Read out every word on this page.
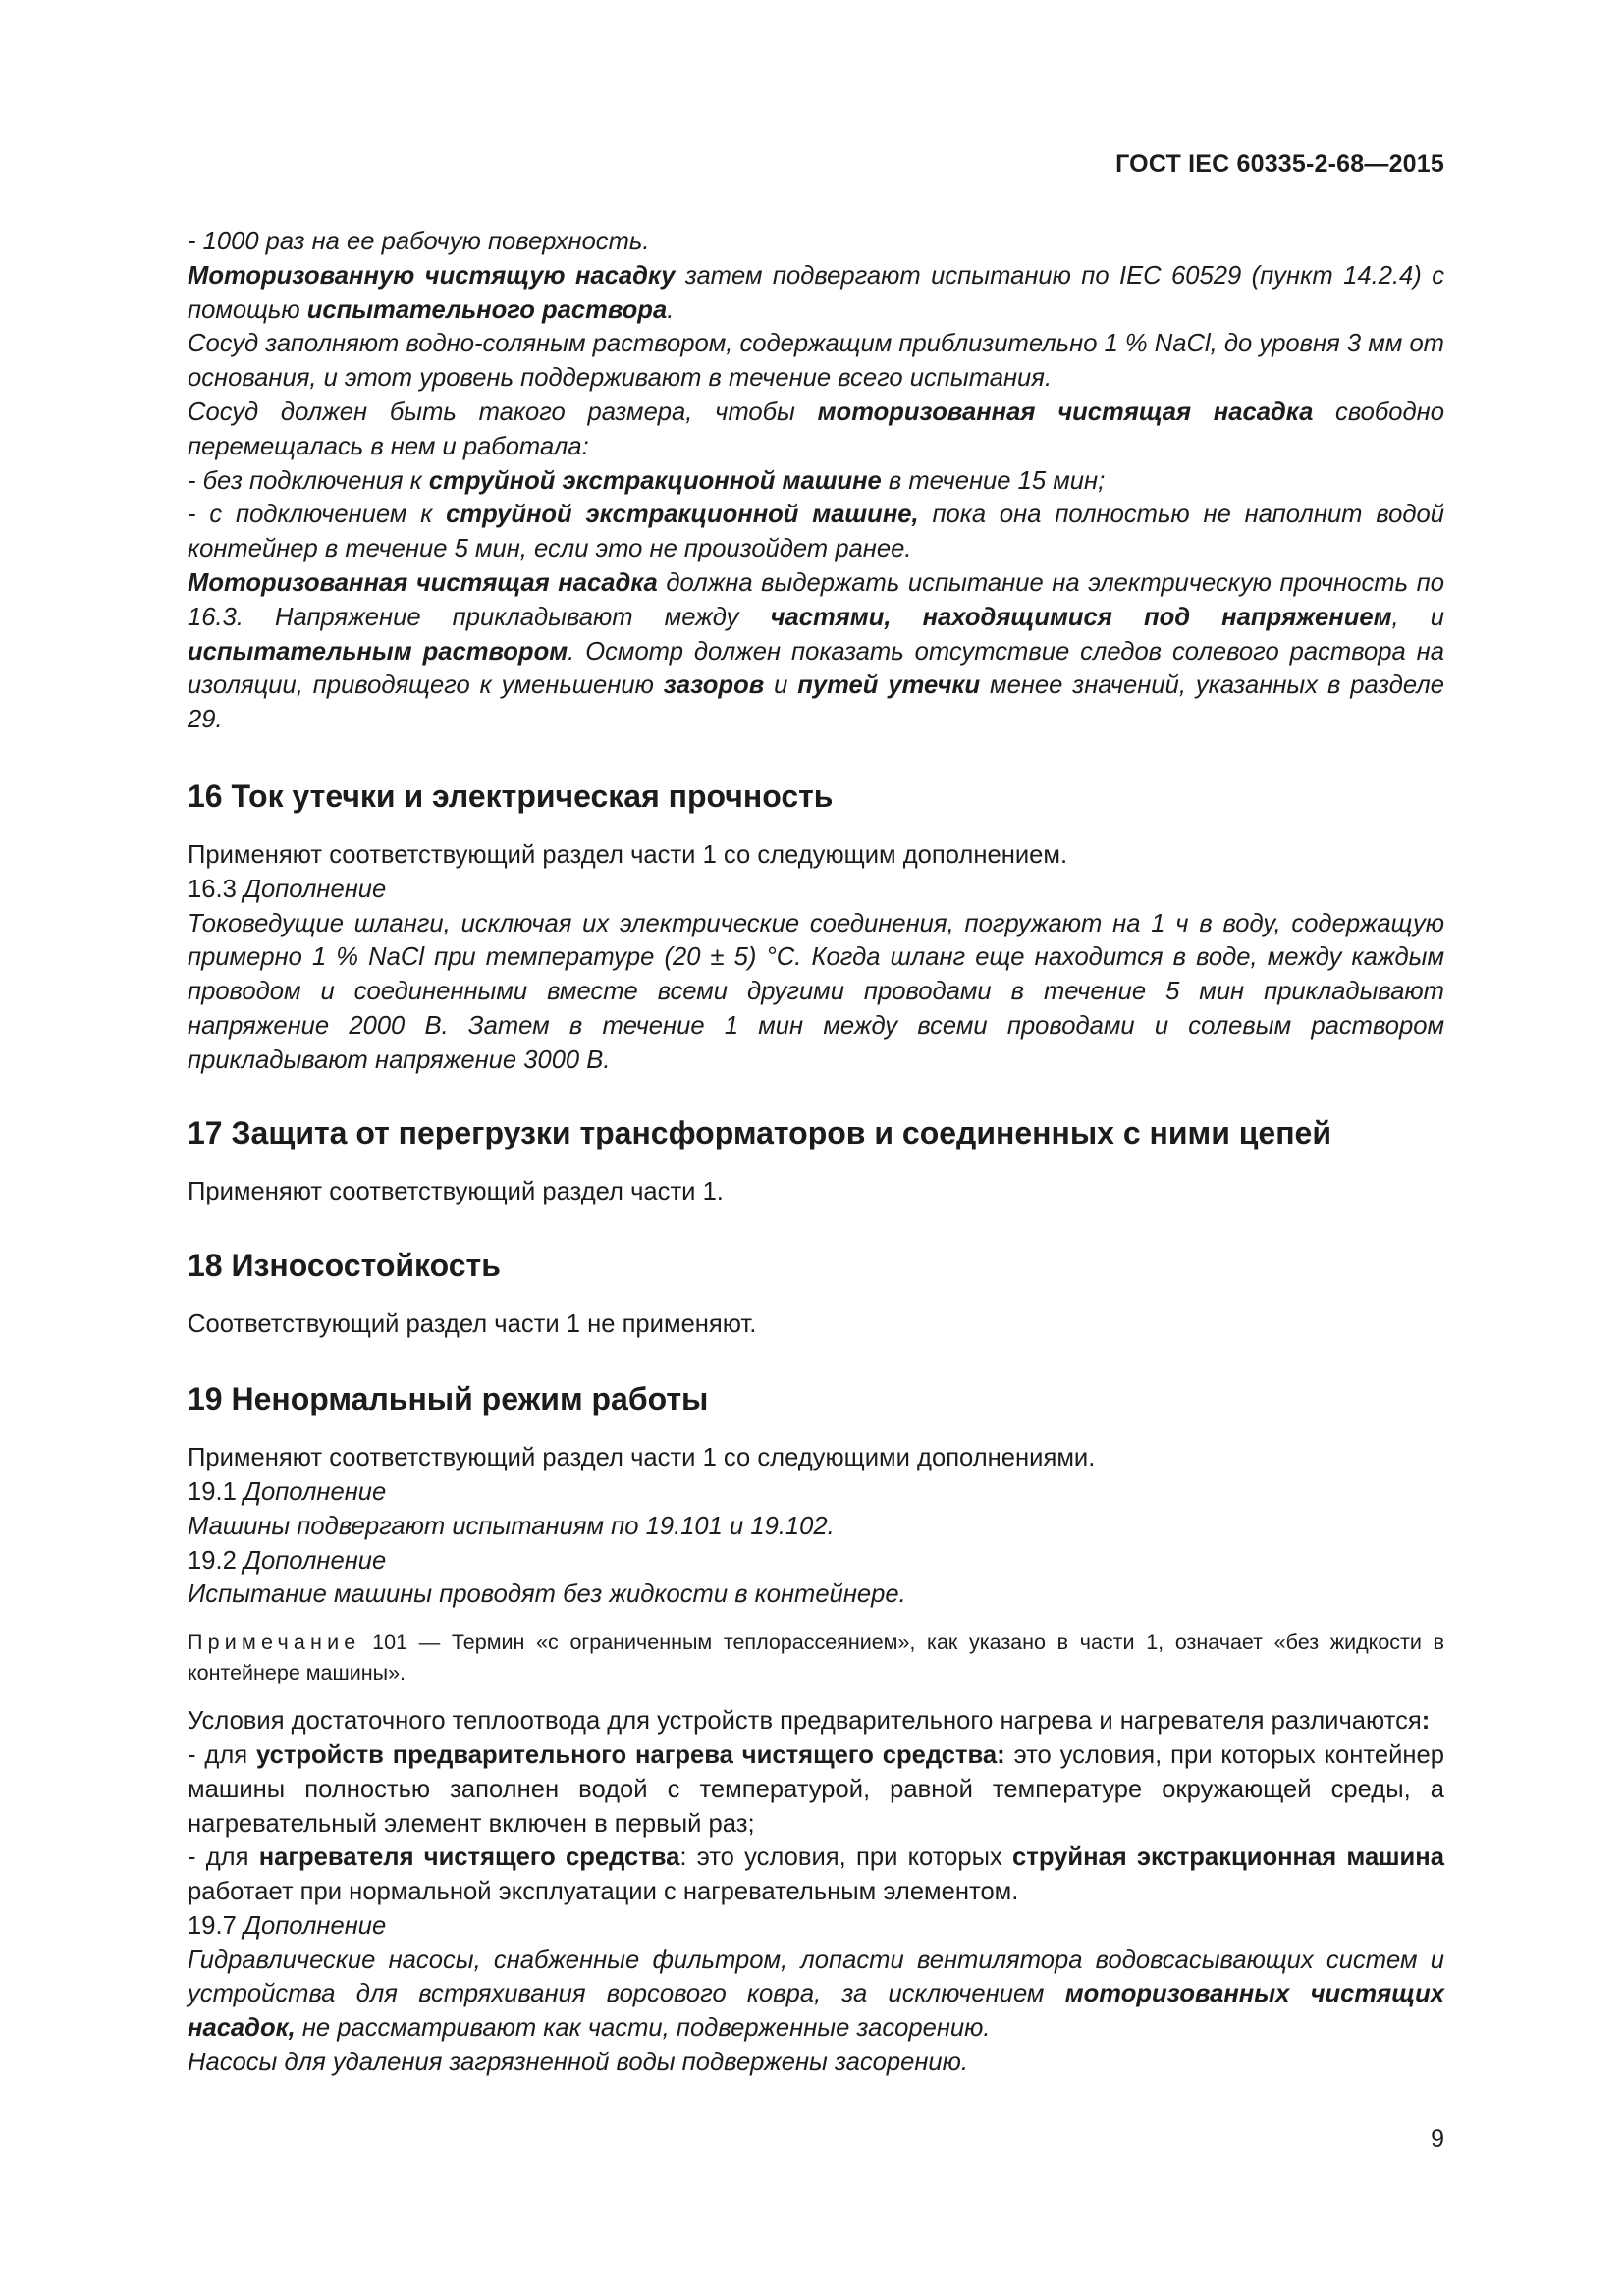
ГОСТ IEC 60335-2-68—2015

- 1000 раз на ее рабочую поверхность.

Моторизованную чистящую насадку затем подвергают испытанию по IEC 60529 (пункт 14.2.4) с помощью испытательного раствора.

Сосуд заполняют водно-соляным раствором, содержащим приблизительно 1 % NaCl, до уровня 3 мм от основания, и этот уровень поддерживают в течение всего испытания.

Сосуд должен быть такого размера, чтобы моторизованная чистящая насадка свободно перемещалась в нем и работала:

- без подключения к струйной экстракционной машине в течение 15 мин;

- с подключением к струйной экстракционной машине, пока она полностью не наполнит водой контейнер в течение 5 мин, если это не произойдет ранее.

Моторизованная чистящая насадка должна выдержать испытание на электрическую прочность по 16.3. Напряжение прикладывают между частями, находящимися под напряжением, и испытательным раствором. Осмотр должен показать отсутствие следов солевого раствора на изоляции, приводящего к уменьшению зазоров и путей утечки менее значений, указанных в разделе 29.

16 Ток утечки и электрическая прочность

Применяют соответствующий раздел части 1 со следующим дополнением.

16.3 Дополнение

Токоведущие шланги, исключая их электрические соединения, погружают на 1 ч в воду, содержащую примерно 1 % NaCl при температуре (20 ± 5) °С. Когда шланг еще находится в воде, между каждым проводом и соединенными вместе всеми другими проводами в течение 5 мин прикладывают напряжение 2000 В. Затем в течение 1 мин между всеми проводами и солевым раствором прикладывают напряжение 3000 В.

17 Защита от перегрузки трансформаторов и соединенных с ними цепей

Применяют соответствующий раздел части 1.

18 Износостойкость

Соответствующий раздел части 1 не применяют.

19 Ненормальный режим работы

Применяют соответствующий раздел части 1 со следующими дополнениями.

19.1 Дополнение

Машины подвергают испытаниям по 19.101 и 19.102.

19.2 Дополнение

Испытание машины проводят без жидкости в контейнере.

Примечание 101 — Термин «с ограниченным теплорассеянием», как указано в части 1, означает «без жидкости в контейнере машины».

Условия достаточного теплоотвода для устройств предварительного нагрева и нагревателя различаются:

- для устройств предварительного нагрева чистящего средства: это условия, при которых контейнер машины полностью заполнен водой с температурой, равной температуре окружающей среды, а нагревательный элемент включен в первый раз;

- для нагревателя чистящего средства: это условия, при которых струйная экстракционная машина работает при нормальной эксплуатации с нагревательным элементом.

19.7 Дополнение

Гидравлические насосы, снабженные фильтром, лопасти вентилятора водовсасывающих систем и устройства для встряхивания ворсового ковра, за исключением моторизованных чистящих насадок, не рассматривают как части, подверженные засорению.

Насосы для удаления загрязненной воды подвержены засорению.

9
